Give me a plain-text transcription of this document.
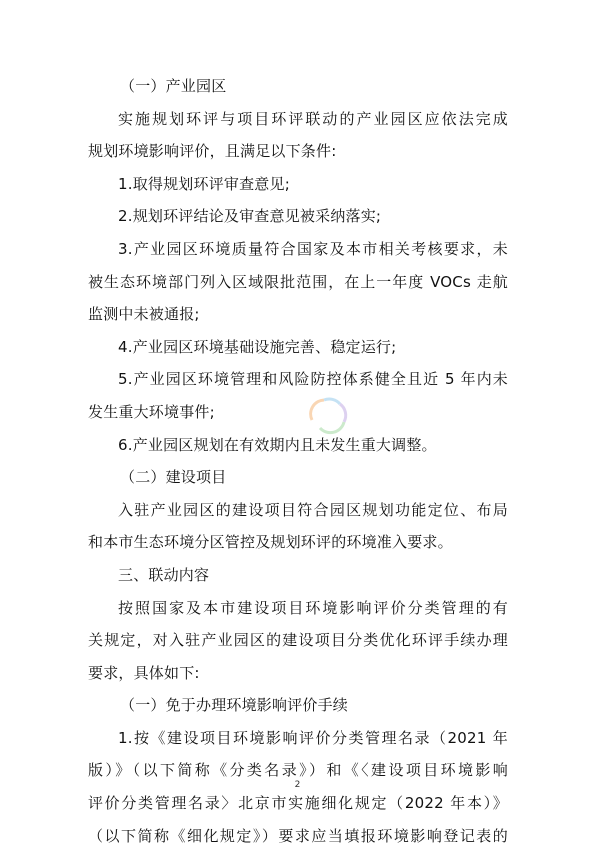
（一）产业园区
实施规划环评与项目环评联动的产业园区应依法完成
规划环境影响评价，且满足以下条件:
1.取得规划环评审查意见;
2.规划环评结论及审查意见被采纳落实;
3.产业园区环境质量符合国家及本市相关考核要求，未
被生态环境部门列入区域限批范围，在上一年度 VOCs 走航
监测中未被通报;
4.产业园区环境基础设施完善、稳定运行;
5.产业园区环境管理和风险防控体系健全且近 5 年内未
发生重大环境事件;
6.产业园区规划在有效期内且未发生重大调整。
（二）建设项目
入驻产业园区的建设项目符合园区规划功能定位、布局
和本市生态环境分区管控及规划环评的环境准入要求。
三、联动内容
按照国家及本市建设项目环境影响评价分类管理的有
关规定，对入驻产业园区的建设项目分类优化环评手续办理
要求，具体如下:
（一）免于办理环境影响评价手续
1.按《建设项目环境影响评价分类管理名录（2021 年
版）》（以下简称《分类名录》）和《〈建设项目环境影响
评价分类管理名录〉北京市实施细化规定（2022 年本）》
（以下简称《细化规定》）要求应当填报环境影响登记表的
2
